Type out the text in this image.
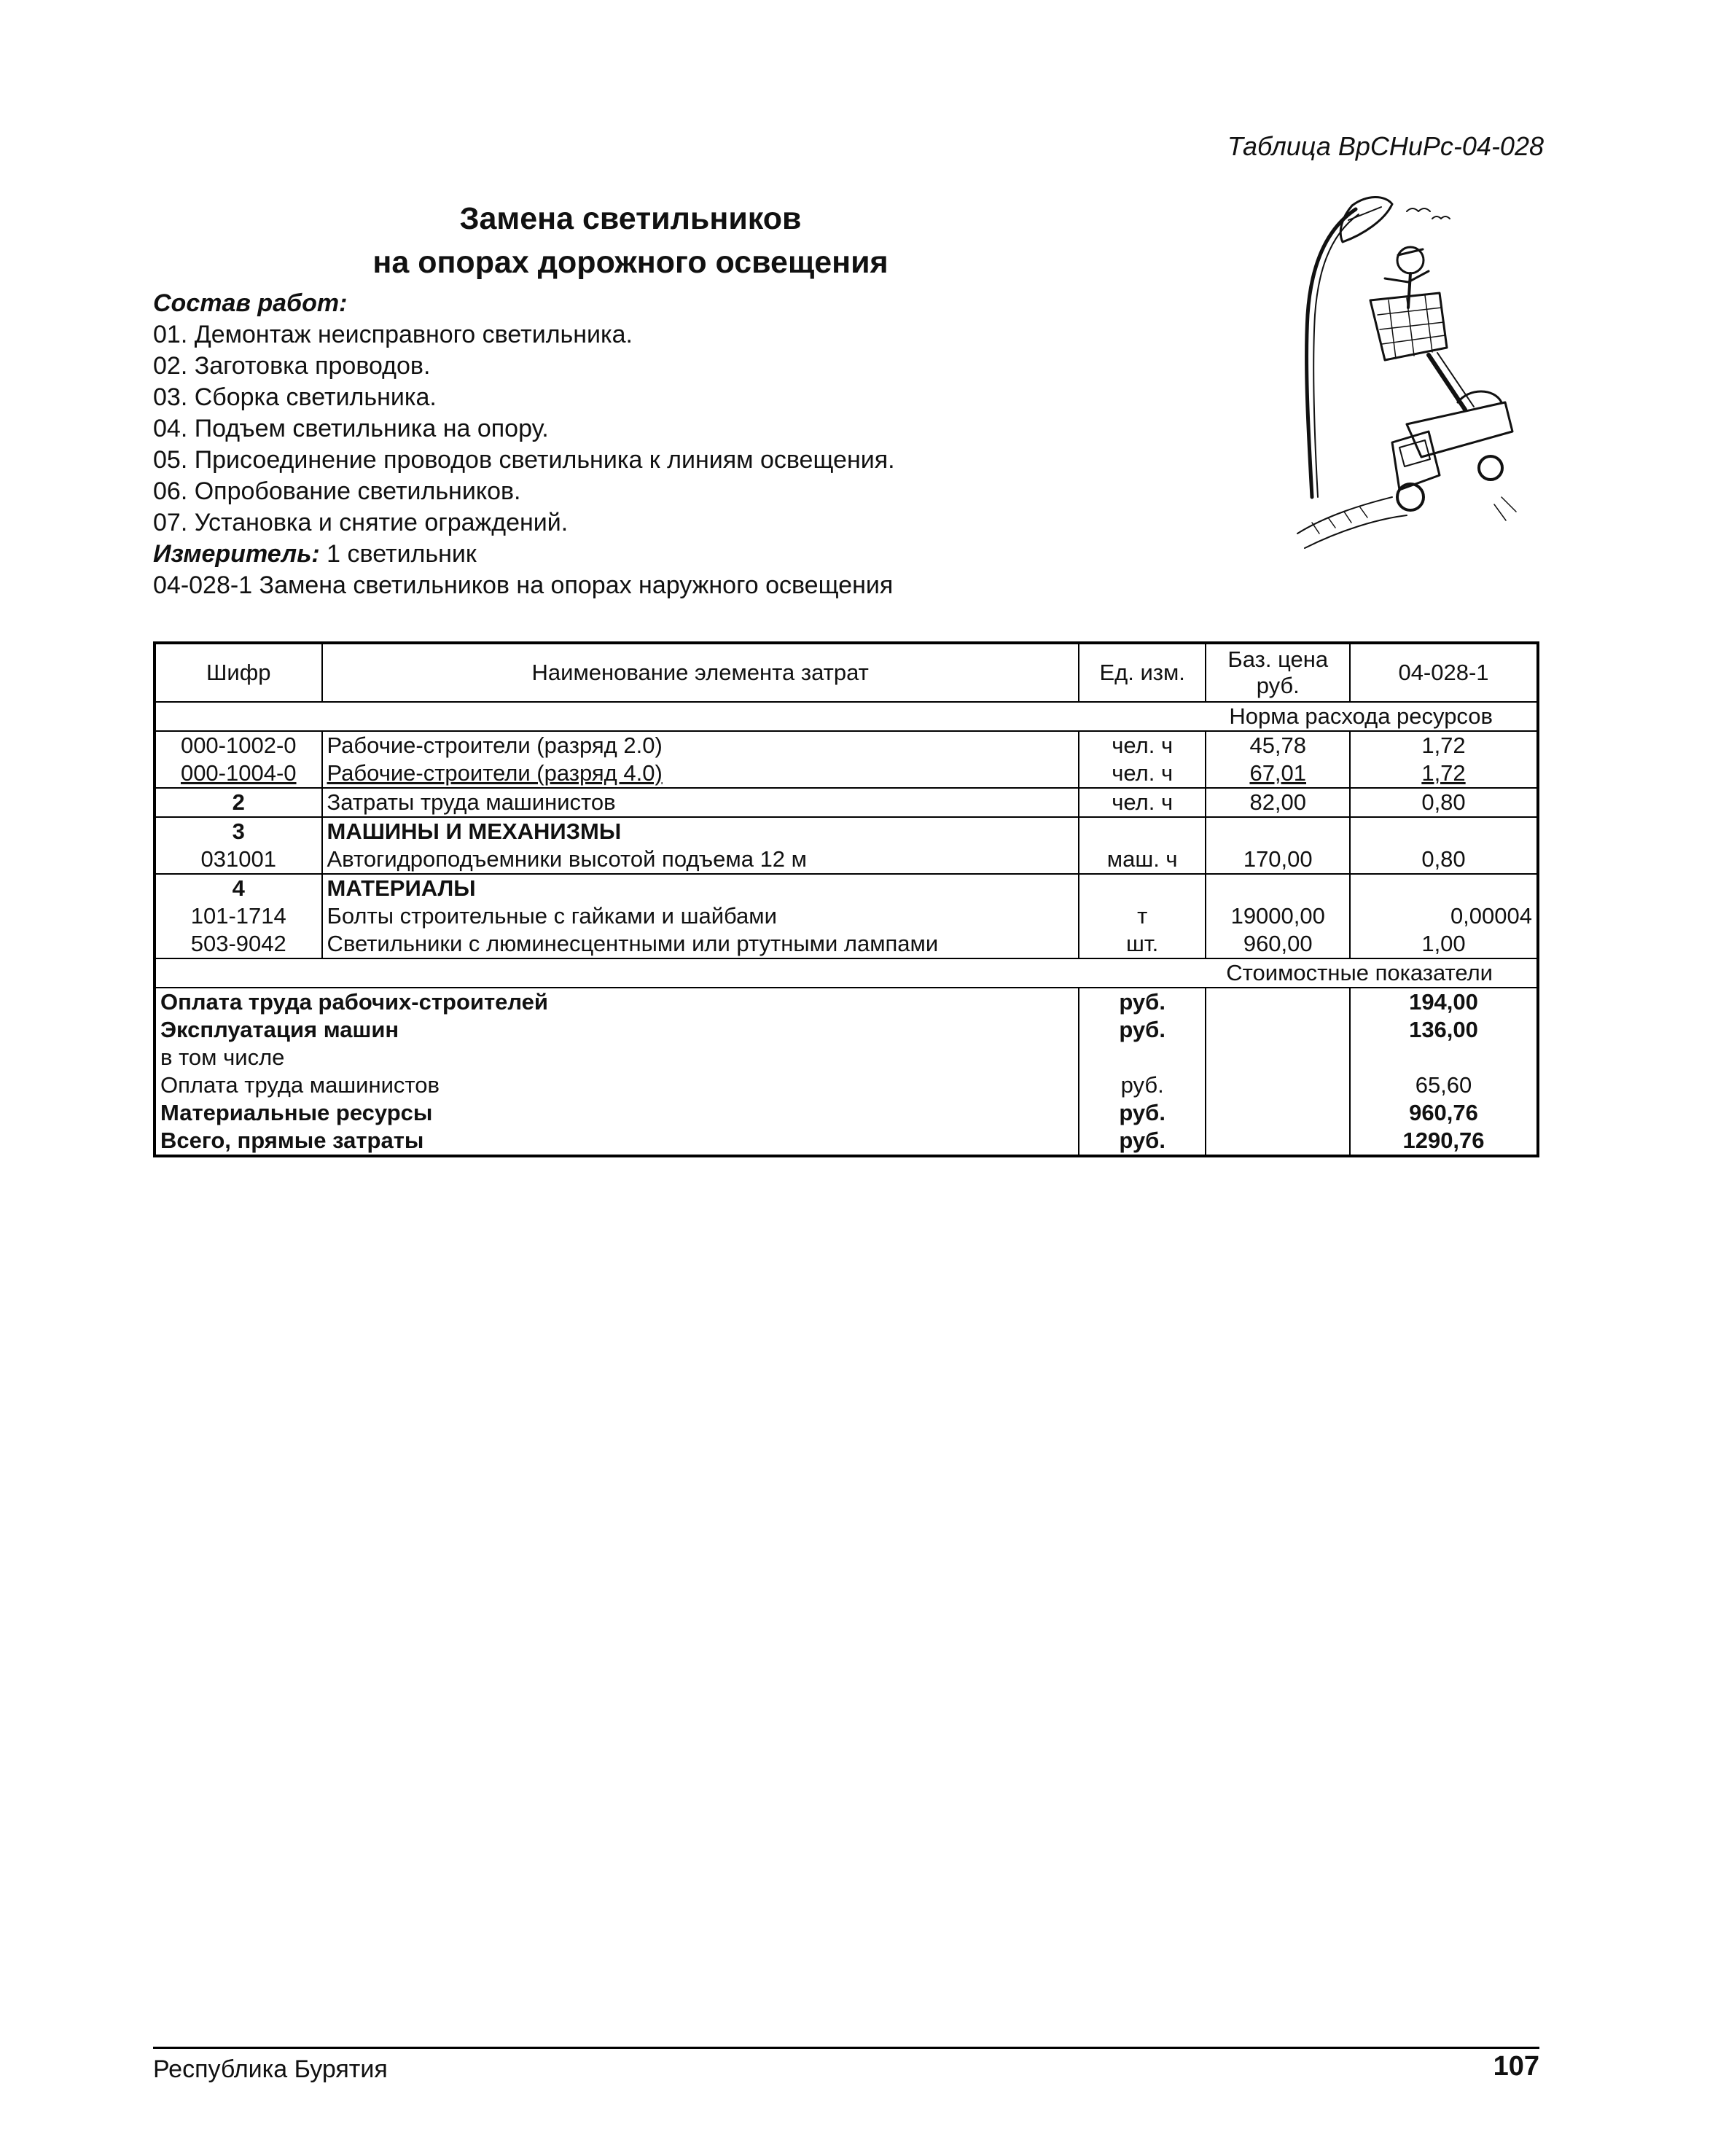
Таблица ВрСНиРс-04-028
Замена светильников
на опорах дорожного освещения
Состав работ:
01. Демонтаж неисправного светильника.
02. Заготовка проводов.
03. Сборка светильника.
04. Подъем светильника на опору.
05. Присоединение проводов светильника к линиям освещения.
06. Опробование светильников.
07. Установка и снятие ограждений.
Измеритель: 1 светильник
04-028-1 Замена светильников на опорах наружного освещения
Шифр	Наименование элемента затрат	Ед. изм.	Баз. цена руб.	04-028-1
Норма расхода ресурсов				
000-1002-0	Рабочие-строители (разряд 2.0)	чел. ч	45,78	1,72
000-1004-0	Рабочие-строители (разряд 4.0)	чел. ч	67,01	1,72
2	Затраты труда машинистов	чел. ч	82,00	0,80
3	МАШИНЫ И МЕХАНИЗМЫ			
031001	Автогидроподъемники высотой подъема 12 м	маш. ч	170,00	0,80
4	МАТЕРИАЛЫ			
101-1714	Болты строительные с гайками и шайбами	т	19000,00	0,00004
503-9042	Светильники с люминесцентными или ртутными лампами	шт.	960,00	1,00
Стоимостные показатели				
Оплата труда рабочих-строителей		руб.		194,00
Эксплуатация машин		руб.		136,00
в том числе				
Оплата труда машинистов		руб.		65,60
Материальные ресурсы		руб.		960,76
Всего, прямые затраты		руб.		1290,76
Республика Бурятия	107
